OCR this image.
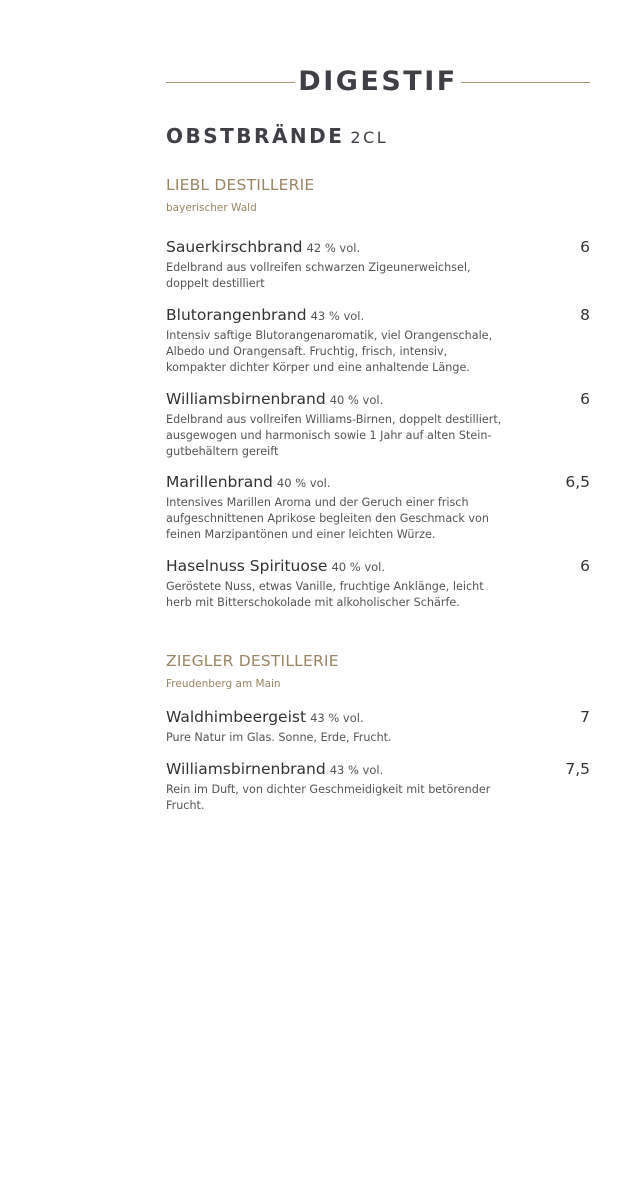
DIGESTIF
OBSTBRÄNDE 2CL
LIEBL DESTILLERIE
bayerischer Wald
Sauerkirschbrand 42 % vol.	6
Edelbrand aus vollreifen schwarzen Zigeunerweichsel,
doppelt destilliert
Blutorangenbrand 43 % vol.	8
Intensiv saftige Blutorangenaromatik, viel Orangenschale,
Albedo und Orangensaft. Fruchtig, frisch, intensiv,
kompakter dichter Körper und eine anhaltende Länge.
Williamsbirnenbrand 40 % vol.	6
Edelbrand aus vollreifen Williams-Birnen, doppelt destilliert,
ausgewogen und harmonisch sowie 1 Jahr auf alten Stein-
gutbehältern gereift
Marillenbrand 40 % vol.	6,5
Intensives Marillen Aroma und der Geruch einer frisch
aufgeschnittenen Aprikose begleiten den Geschmack von
feinen Marzipantönen und einer leichten Würze.
Haselnuss Spirituose 40 % vol.	6
Geröstete Nuss, etwas Vanille, fruchtige Anklänge, leicht
herb mit Bitterschokolade mit alkoholischer Schärfe.
ZIEGLER DESTILLERIE
Freudenberg am Main
Waldhimbeergeist 43 % vol.	7
Pure Natur im Glas. Sonne, Erde, Frucht.
Williamsbirnenbrand 43 % vol.	7,5
Rein im Duft, von dichter Geschmeidigkeit mit betörender
Frucht.
